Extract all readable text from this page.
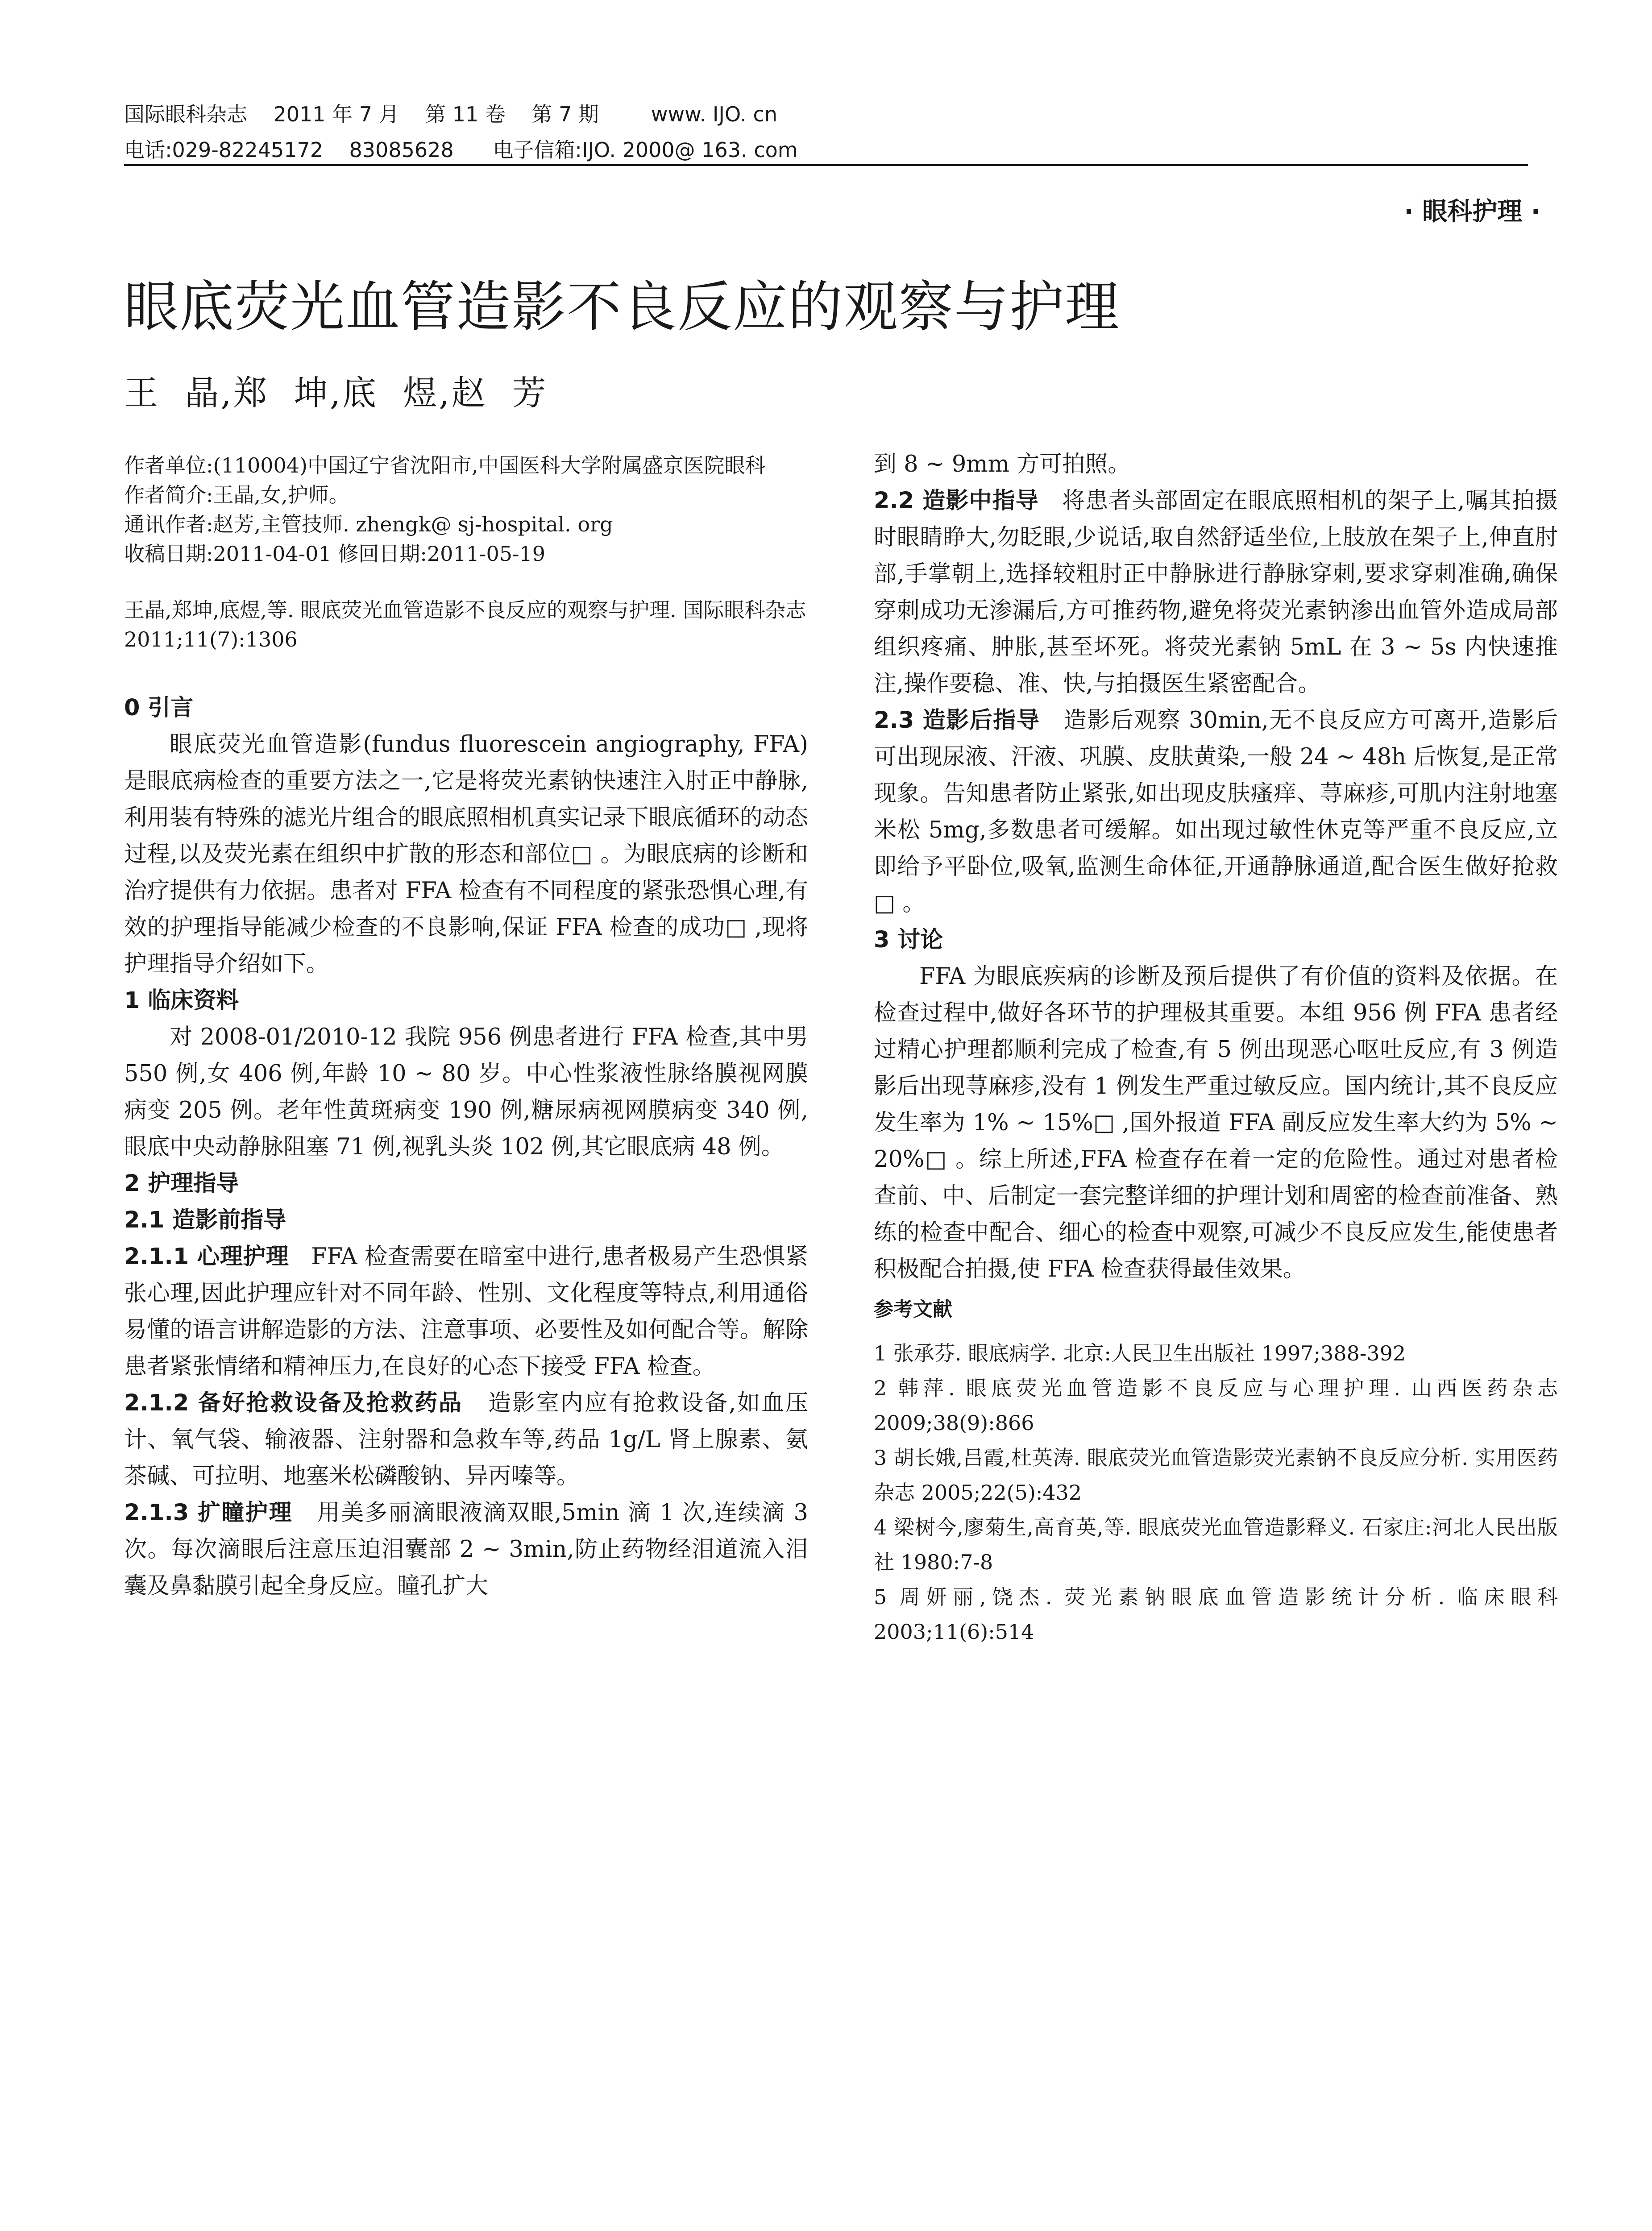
国际眼科杂志    2011 年 7 月    第 11 卷    第 7 期        www. IJO. cn
电话:029-82245172    83085628      电子信箱:IJO. 2000@ 163. com
· 眼科护理 ·
眼底荧光血管造影不良反应的观察与护理
王  晶,郑  坤,底  煜,赵  芳

作者单位:(110004)中国辽宁省沈阳市,中国医科大学附属盛京医院眼科

作者简介:王晶,女,护师。

通讯作者:赵芳,主管技师. zhengk@ sj-hospital. org

收稿日期:2011-04-01 修回日期:2011-05-19

王晶,郑坤,底煜,等. 眼底荧光血管造影不良反应的观察与护理. 国际眼科杂志 2011;11(7):1306

0 引言

眼底荧光血管造影(fundus fluorescein angiography, FFA)是眼底病检查的重要方法之一,它是将荧光素钠快速注入肘正中静脉,利用装有特殊的滤光片组合的眼底照相机真实记录下眼底循环的动态过程,以及荧光素在组织中扩散的形态和部位□ 。为眼底病的诊断和治疗提供有力依据。患者对 FFA 检查有不同程度的紧张恐惧心理,有效的护理指导能减少检查的不良影响,保证 FFA 检查的成功□ ,现将护理指导介绍如下。

1 临床资料

对 2008-01/2010-12 我院 956 例患者进行 FFA 检查,其中男 550 例,女 406 例,年龄 10 ~ 80 岁。中心性浆液性脉络膜视网膜病变 205 例。老年性黄斑病变 190 例,糖尿病视网膜病变 340 例,眼底中央动静脉阻塞 71 例,视乳头炎 102 例,其它眼底病 48 例。

2 护理指导

2.1 造影前指导

2.1.1 心理护理 FFA 检查需要在暗室中进行,患者极易产生恐惧紧张心理,因此护理应针对不同年龄、性别、文化程度等特点,利用通俗易懂的语言讲解造影的方法、注意事项、必要性及如何配合等。解除患者紧张情绪和精神压力,在良好的心态下接受 FFA 检查。

2.1.2 备好抢救设备及抢救药品 造影室内应有抢救设备,如血压计、氧气袋、输液器、注射器和急救车等,药品 1g/L 肾上腺素、氨茶碱、可拉明、地塞米松磷酸钠、异丙嗪等。

2.1.3 扩瞳护理 用美多丽滴眼液滴双眼,5min 滴 1 次,连续滴 3 次。每次滴眼后注意压迫泪囊部 2 ~ 3min,防止药物经泪道流入泪囊及鼻黏膜引起全身反应。瞳孔扩大

到 8 ~ 9mm 方可拍照。

2.2 造影中指导 将患者头部固定在眼底照相机的架子上,嘱其拍摄时眼睛睁大,勿眨眼,少说话,取自然舒适坐位,上肢放在架子上,伸直肘部,手掌朝上,选择较粗肘正中静脉进行静脉穿刺,要求穿刺准确,确保穿刺成功无渗漏后,方可推药物,避免将荧光素钠渗出血管外造成局部组织疼痛、肿胀,甚至坏死。将荧光素钠 5mL 在 3 ~ 5s 内快速推注,操作要稳、准、快,与拍摄医生紧密配合。

2.3 造影后指导 造影后观察 30min,无不良反应方可离开,造影后可出现尿液、汗液、巩膜、皮肤黄染,一般 24 ~ 48h 后恢复,是正常现象。告知患者防止紧张,如出现皮肤瘙痒、荨麻疹,可肌内注射地塞米松 5mg,多数患者可缓解。如出现过敏性休克等严重不良反应,立即给予平卧位,吸氧,监测生命体征,开通静脉通道,配合医生做好抢救□ 。

3 讨论

FFA 为眼底疾病的诊断及预后提供了有价值的资料及依据。在检查过程中,做好各环节的护理极其重要。本组 956 例 FFA 患者经过精心护理都顺利完成了检查,有 5 例出现恶心呕吐反应,有 3 例造影后出现荨麻疹,没有 1 例发生严重过敏反应。国内统计,其不良反应发生率为 1% ~ 15%□ ,国外报道 FFA 副反应发生率大约为 5% ~ 20%□ 。综上所述,FFA 检查存在着一定的危险性。通过对患者检查前、中、后制定一套完整详细的护理计划和周密的检查前准备、熟练的检查中配合、细心的检查中观察,可减少不良反应发生,能使患者积极配合拍摄,使 FFA 检查获得最佳效果。

参考文献

1 张承芬. 眼底病学. 北京:人民卫生出版社 1997;388-392

2 韩萍. 眼底荧光血管造影不良反应与心理护理. 山西医药杂志 2009;38(9):866

3 胡长娥,吕霞,杜英涛. 眼底荧光血管造影荧光素钠不良反应分析. 实用医药杂志 2005;22(5):432

4 梁树今,廖菊生,高育英,等. 眼底荧光血管造影释义. 石家庄:河北人民出版社 1980:7-8

5 周妍丽,饶杰. 荧光素钠眼底血管造影统计分析. 临床眼科 2003;11(6):514
